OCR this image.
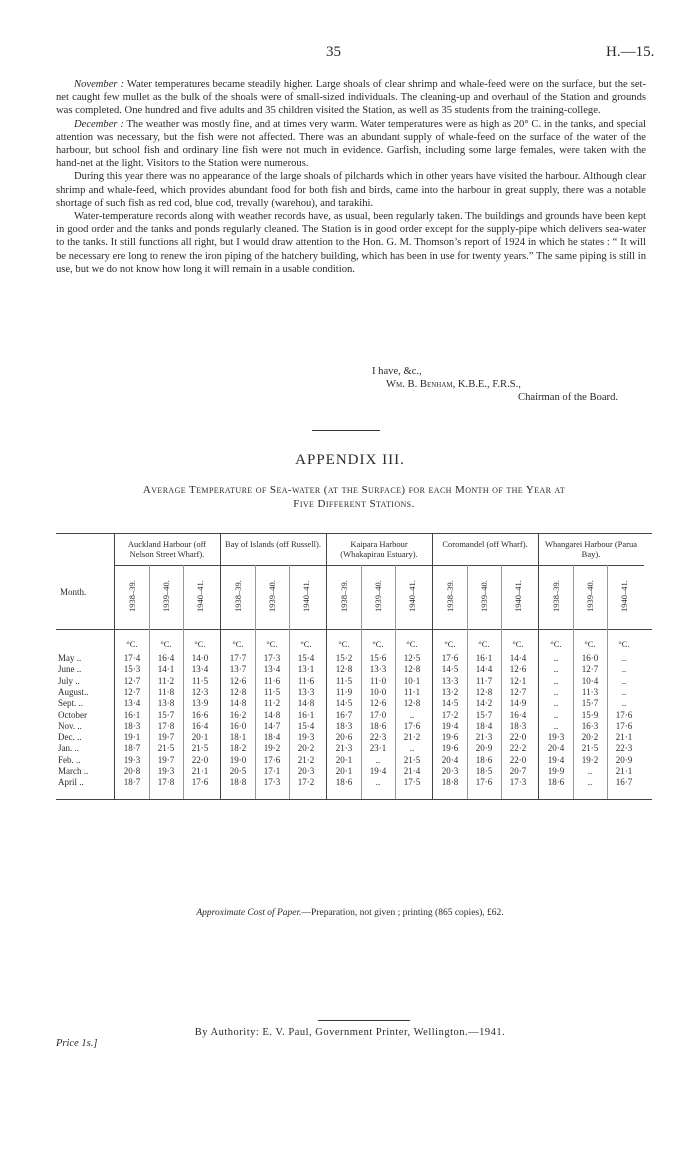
35	H.—15.

November : Water temperatures became steadily higher. Large shoals of clear shrimp and whale-feed were on the surface, but the set-net caught few mullet as the bulk of the shoals were of small-sized individuals. The cleaning-up and overhaul of the Station and grounds was completed. One hundred and five adults and 35 children visited the Station, as well as 35 students from the training-college.

December : The weather was mostly fine, and at times very warm. Water temperatures were as high as 20° C. in the tanks, and special attention was necessary, but the fish were not affected. There was an abundant supply of whale-feed on the surface of the water of the harbour, but school fish and ordinary line fish were not much in evidence. Garfish, including some large females, were taken with the hand-net at the light. Visitors to the Station were numerous.

During this year there was no appearance of the large shoals of pilchards which in other years have visited the harbour. Although clear shrimp and whale-feed, which provides abundant food for both fish and birds, came into the harbour in great supply, there was a notable shortage of such fish as red cod, blue cod, trevally (warehou), and tarakihi.

Water-temperature records along with weather records have, as usual, been regularly taken. The buildings and grounds have been kept in good order and the tanks and ponds regularly cleaned. The Station is in good order except for the supply-pipe which delivers sea-water to the tanks. It still functions all right, but I would draw attention to the Hon. G. M. Thomson’s report of 1924 in which he states : “ It will be necessary ere long to renew the iron piping of the hatchery building, which has been in use for twenty years.” The same piping is still in use, but we do not know how long it will remain in a usable condition.

I have, &c.,
Wm. B. Benham, K.B.E., F.R.S.,
Chairman of the Board.
APPENDIX III.
Average Temperature of Sea-water (at the Surface) for each Month of the Year at
Five Different Stations.
Auckland Harbour (off Nelson Street Wharf).
1938–39.
°C.
1939–40.
°C.
1940–41.
°C.
Bay of Islands (off Russell).
1938–39.
°C.
1939–40.
°C.
1940–41.
°C.
Kaipara Harbour (Whakapirau Estuary).
1938–39.
°C.
1939–40.
°C.
1940–41.
°C.
Coromandel (off Wharf).
1938–39.
°C.
1939–40.
°C.
1940–41.
°C.
Whangarei Harbour (Parua Bay).
1938–39.
°C.
1939–40.
°C.
1940–41.
°C.
Month.
May ..	17·4	16·4	14·0	17·7	17·3	15·4	15·2	15·6	12·5	17·6	16·1	14·4	..	16·0	..
June ..	15·3	14·1	13·4	13·7	13·4	13·1	12·8	13·3	12·8	14·5	14·4	12·6	..	12·7	..
July ..	12·7	11·2	11·5	12·6	11·6	11·6	11·5	11·0	10·1	13·3	11·7	12·1	..	10·4	..
August..	12·7	11·8	12·3	12·8	11·5	13·3	11·9	10·0	11·1	13·2	12·8	12·7	..	11·3	..
Sept. ..	13·4	13·8	13·9	14·8	11·2	14·8	14·5	12·6	12·8	14·5	14·2	14·9	..	15·7	..
October	16·1	15·7	16·6	16·2	14·8	16·1	16·7	17·0	..	17·2	15·7	16·4	..	15·9	17·6
Nov. ..	18·3	17·8	16·4	16·0	14·7	15·4	18·3	18·6	17·6	19·4	18·4	18·3	..	16·3	17·6
Dec. ..	19·1	19·7	20·1	18·1	18·4	19·3	20·6	22·3	21·2	19·6	21·3	22·0	19·3	20·2	21·1
Jan. ..	18·7	21·5	21·5	18·2	19·2	20·2	21·3	23·1	..	19·6	20·9	22·2	20·4	21·5	22·3
Feb. ..	19·3	19·7	22·0	19·0	17·6	21·2	20·1	..	21·5	20·4	18·6	22·0	19·4	19·2	20·9
March ..	20·8	19·3	21·1	20·5	17·1	20·3	20·1	19·4	21·4	20·3	18·5	20·7	19·9	..	21·1
April ..	18·7	17·8	17·6	18·8	17·3	17·2	18·6	..	17·5	18·8	17·6	17·3	18·6	..	16·7
Approximate Cost of Paper.—Preparation, not given ; printing (865 copies), £62.
By Authority: E. V. Paul, Government Printer, Wellington.—1941.
Price 1s.]
